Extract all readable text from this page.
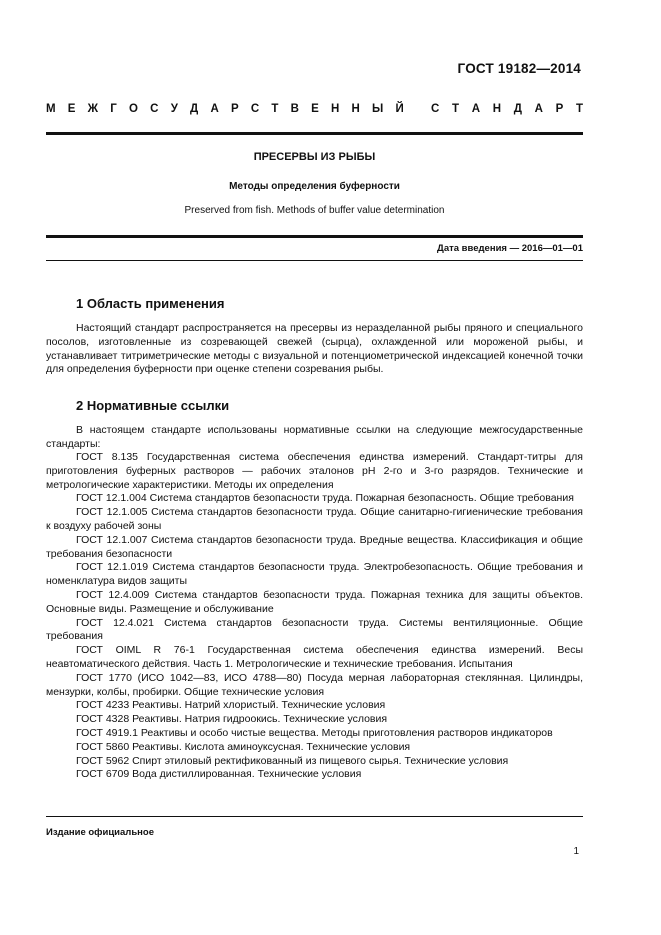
ГОСТ 19182—2014
М Е Ж Г О С У Д А Р С Т В Е Н Н Ы Й С Т А Н Д А Р Т
ПРЕСЕРВЫ ИЗ РЫБЫ
Методы определения буферности
Preserved from fish. Methods of buffer value determination
Дата введения — 2016—01—01
1 Область применения

Настоящий стандарт распространяется на пресервы из неразделанной рыбы пряного и специального посолов, изготовленные из созревающей свежей (сырца), охлажденной или мороженой рыбы, и устанавливает титриметрические методы с визуальной и потенциометрической индексацией конечной точки для определения буферности при оценке степени созревания рыбы.

2 Нормативные ссылки

В настоящем стандарте использованы нормативные ссылки на следующие межгосударственные стандарты:

ГОСТ 8.135 Государственная система обеспечения единства измерений. Стандарт-титры для приготовления буферных растворов — рабочих эталонов pH 2-го и 3-го разрядов. Технические и метрологические характеристики. Методы их определения

ГОСТ 12.1.004 Система стандартов безопасности труда. Пожарная безопасность. Общие требования

ГОСТ 12.1.005 Система стандартов безопасности труда. Общие санитарно-гигиенические требования к воздуху рабочей зоны

ГОСТ 12.1.007 Система стандартов безопасности труда. Вредные вещества. Классификация и общие требования безопасности

ГОСТ 12.1.019 Система стандартов безопасности труда. Электробезопасность. Общие требования и номенклатура видов защиты

ГОСТ 12.4.009 Система стандартов безопасности труда. Пожарная техника для защиты объектов. Основные виды. Размещение и обслуживание

ГОСТ 12.4.021 Система стандартов безопасности труда. Системы вентиляционные. Общие требования

ГОСТ OIML R 76-1 Государственная система обеспечения единства измерений. Весы неавтоматического действия. Часть 1. Метрологические и технические требования. Испытания

ГОСТ 1770 (ИСО 1042—83, ИСО 4788—80) Посуда мерная лабораторная стеклянная. Цилиндры, мензурки, колбы, пробирки. Общие технические условия

ГОСТ 4233 Реактивы. Натрий хлористый. Технические условия

ГОСТ 4328 Реактивы. Натрия гидроокись. Технические условия

ГОСТ 4919.1 Реактивы и особо чистые вещества. Методы приготовления растворов индикаторов

ГОСТ 5860 Реактивы. Кислота аминоуксусная. Технические условия

ГОСТ 5962 Спирт этиловый ректификованный из пищевого сырья. Технические условия

ГОСТ 6709 Вода дистиллированная. Технические условия

Издание официальное
1
